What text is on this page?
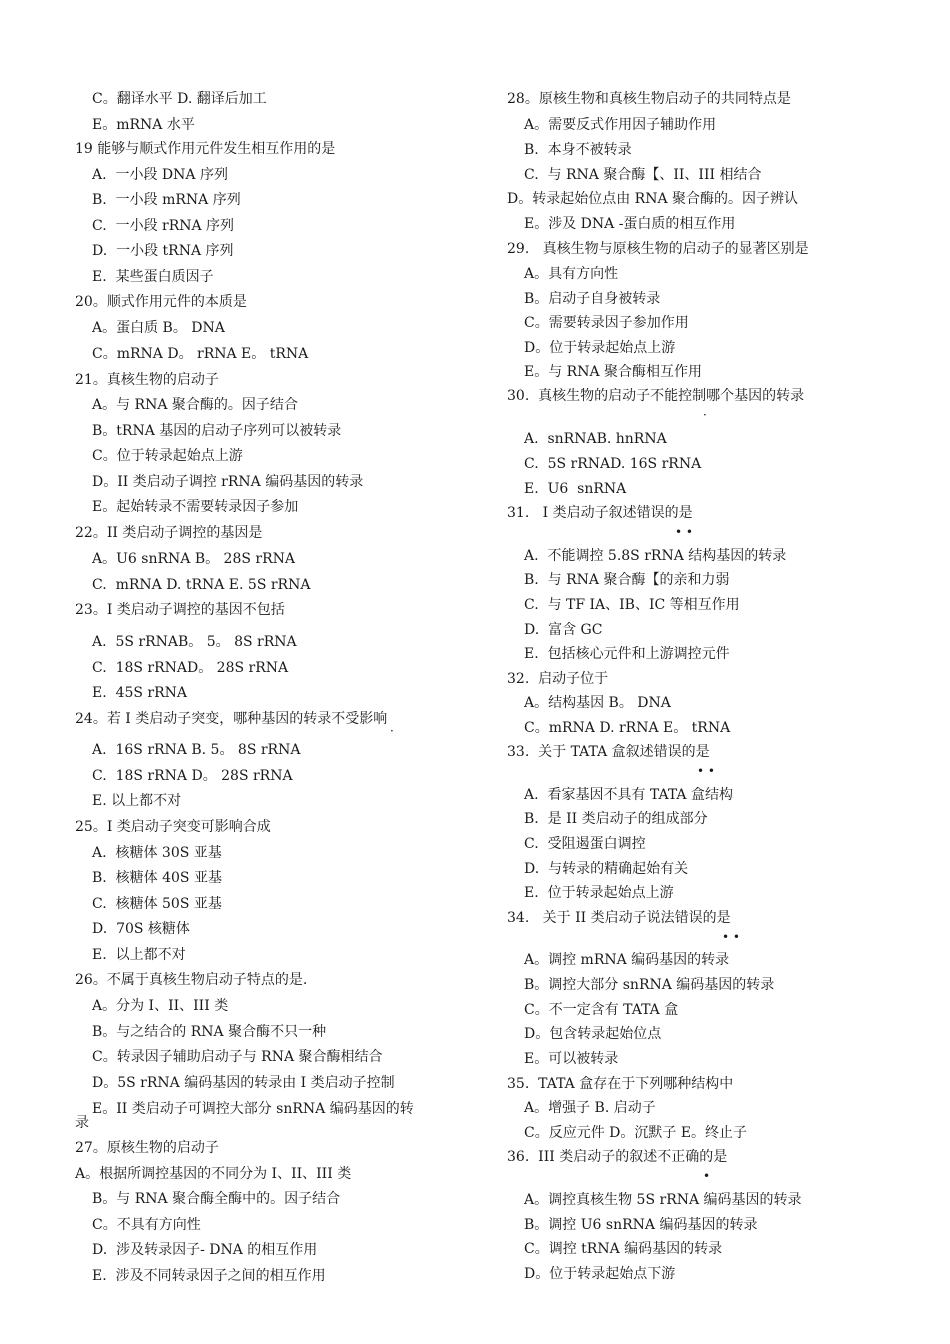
C。翻译水平 D. 翻译后加工
E。mRNA 水平
19 能够与顺式作用元件发生相互作用的是
A.  一小段 DNA 序列
B.  一小段 mRNA 序列
C.  一小段 rRNA 序列
D.  一小段 tRNA 序列
E.  某些蛋白质因子
20。顺式作用元件的本质是
A。蛋白质 B。 DNA
C。mRNA D。 rRNA E。 tRNA
21。真核生物的启动子
A。与 RNA 聚合酶的。因子结合
B。tRNA 基因的启动子序列可以被转录
C。位于转录起始点上游
D。II 类启动子调控 rRNA 编码基因的转录
E。起始转录不需要转录因子参加
22。II 类启动子调控的基因是
A。U6 snRNA B。 28S rRNA
C.  mRNA D. tRNA E. 5S rRNA
23。I 类启动子调控的基因不包括
A.  5S rRNAB。 5。 8S rRNA
C.  18S rRNAD。 28S rRNA
E.  45S rRNA
24。若 I 类启动子突变，哪种基因的转录不受影响
·
A.  16S rRNA B. 5。 8S rRNA
C.  18S rRNA D。 28S rRNA
E. 以上都不对
25。I 类启动子突变可影响合成
A.  核糖体 30S 亚基
B.  核糖体 40S 亚基
C.  核糖体 50S 亚基
D.  70S 核糖体
E.  以上都不对
26。不属于真核生物启动子特点的是.
A。分为 I、II、III 类
B。与之结合的 RNA 聚合酶不只一种
C。转录因子辅助启动子与 RNA 聚合酶相结合
D。5S rRNA 编码基因的转录由 I 类启动子控制
E。II 类启动子可调控大部分 snRNA 编码基因的转
录
27。原核生物的启动子
A。根据所调控基因的不同分为 I、II、III 类
B。与 RNA 聚合酶全酶中的。因子结合
C。不具有方向性
D.  涉及转录因子- DNA 的相互作用
E.  涉及不同转录因子之间的相互作用
28。原核生物和真核生物启动子的共同特点是
A。需要反式作用因子辅助作用
B.  本身不被转录
C.  与 RNA 聚合酶【、II、III 相结合
D。转录起始位点由 RNA 聚合酶的。因子辨认
E。涉及 DNA -蛋白质的相互作用
29.   真核生物与原核生物的启动子的显著区别是
A。具有方向性
B。启动子自身被转录
C。需要转录因子参加作用
D。位于转录起始点上游
E。与 RNA 聚合酶相互作用
30.  真核生物的启动子不能控制哪个基因的转录
·
A.  snRNAB. hnRNA
C.  5S rRNAD. 16S rRNA
E.  U6  snRNA
31.   I 类启动子叙述错误的是
• •
A.  不能调控 5.8S rRNA 结构基因的转录
B.  与 RNA 聚合酶【的亲和力弱
C.  与 TF IA、IB、IC 等相互作用
D.  富含 GC
E.  包括核心元件和上游调控元件
32.  启动子位于
A。结构基因 B。 DNA
C。mRNA D. rRNA E。 tRNA
33.  关于 TATA 盒叙述错误的是
• •
A.  看家基因不具有 TATA 盒结构
B.  是 II 类启动子的组成部分
C.  受阻遏蛋白调控
D.  与转录的精确起始有关
E.  位于转录起始点上游
34.   关于 II 类启动子说法错误的是
• •
A。调控 mRNA 编码基因的转录
B。调控大部分 snRNA 编码基因的转录
C。不一定含有 TATA 盒
D。包含转录起始位点
E。可以被转录
35.  TATA 盒存在于下列哪种结构中
A。增强子 B. 启动子
C。反应元件 D。沉默子 E。终止子
36.  III 类启动子的叙述不正确的是
•
A。调控真核生物 5S rRNA 编码基因的转录
B。调控 U6 snRNA 编码基因的转录
C。调控 tRNA 编码基因的转录
D。位于转录起始点下游
